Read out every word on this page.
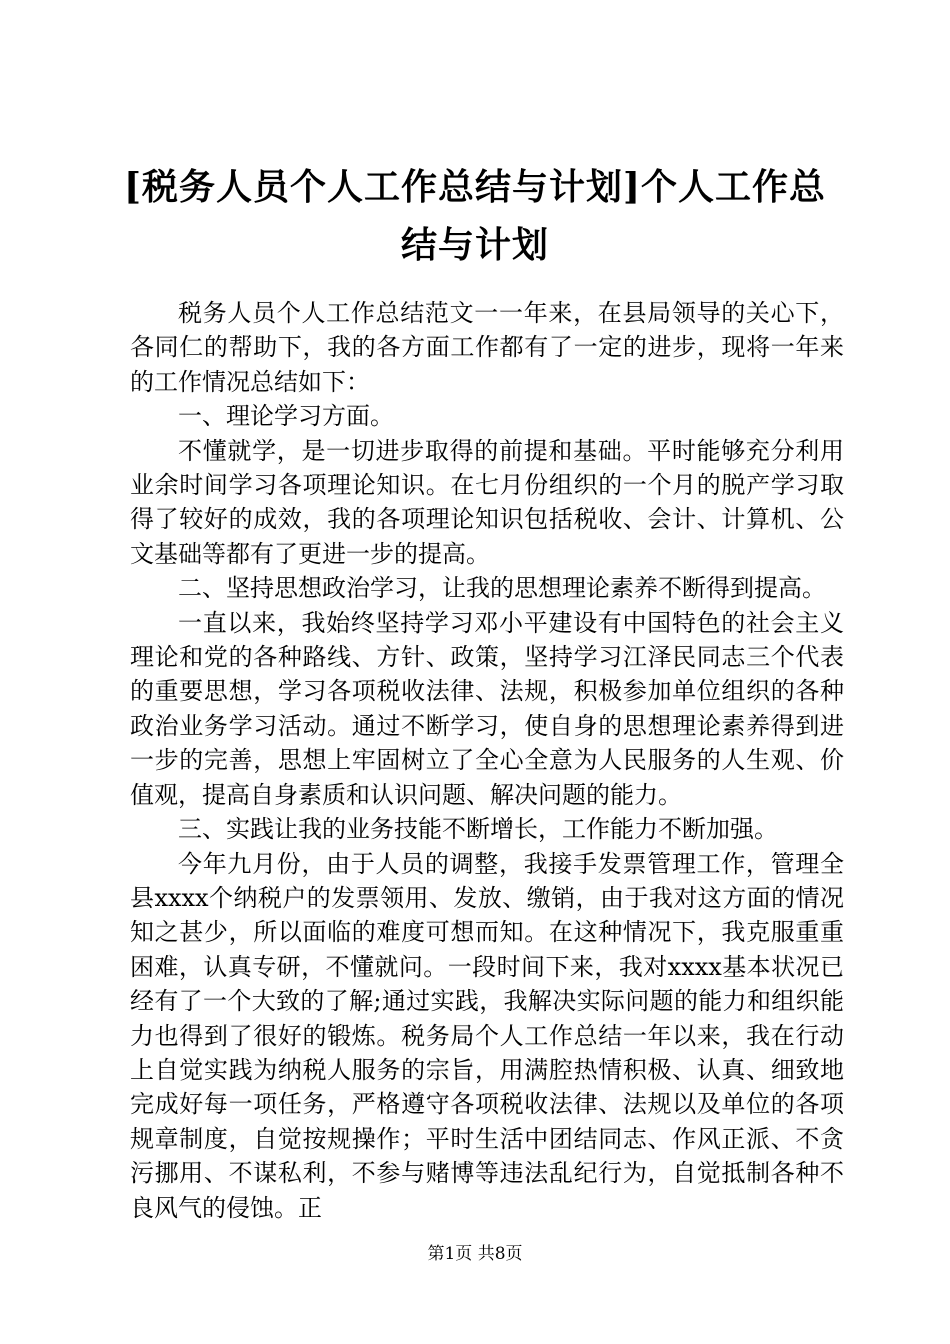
[税务人员个人工作总结与计划]个人工作总结与计划

税务人员个人工作总结范文一一年来，在县局领导的关心下，各同仁的帮助下，我的各方面工作都有了一定的进步，现将一年来的工作情况总结如下：

一、理论学习方面。

不懂就学，是一切进步取得的前提和基础。平时能够充分利用业余时间学习各项理论知识。在七月份组织的一个月的脱产学习取得了较好的成效，我的各项理论知识包括税收、会计、计算机、公文基础等都有了更进一步的提高。

二、坚持思想政治学习，让我的思想理论素养不断得到提高。

一直以来，我始终坚持学习邓小平建设有中国特色的社会主义理论和党的各种路线、方针、政策，坚持学习江泽民同志三个代表的重要思想，学习各项税收法律、法规，积极参加单位组织的各种政治业务学习活动。通过不断学习，使自身的思想理论素养得到进一步的完善，思想上牢固树立了全心全意为人民服务的人生观、价值观，提高自身素质和认识问题、解决问题的能力。

三、实践让我的业务技能不断增长，工作能力不断加强。

今年九月份，由于人员的调整，我接手发票管理工作，管理全县xxxx个纳税户的发票领用、发放、缴销，由于我对这方面的情况知之甚少，所以面临的难度可想而知。在这种情况下，我克服重重困难，认真专研，不懂就问。一段时间下来，我对xxxx基本状况已经有了一个大致的了解;通过实践，我解决实际问题的能力和组织能力也得到了很好的锻炼。税务局个人工作总结一年以来，我在行动上自觉实践为纳税人服务的宗旨，用满腔热情积极、认真、细致地完成好每一项任务，严格遵守各项税收法律、法规以及单位的各项规章制度，自觉按规操作；平时生活中团结同志、作风正派、不贪污挪用、不谋私利，不参与赌博等违法乱纪行为，自觉抵制各种不良风气的侵蚀。正

第1页 共8页
